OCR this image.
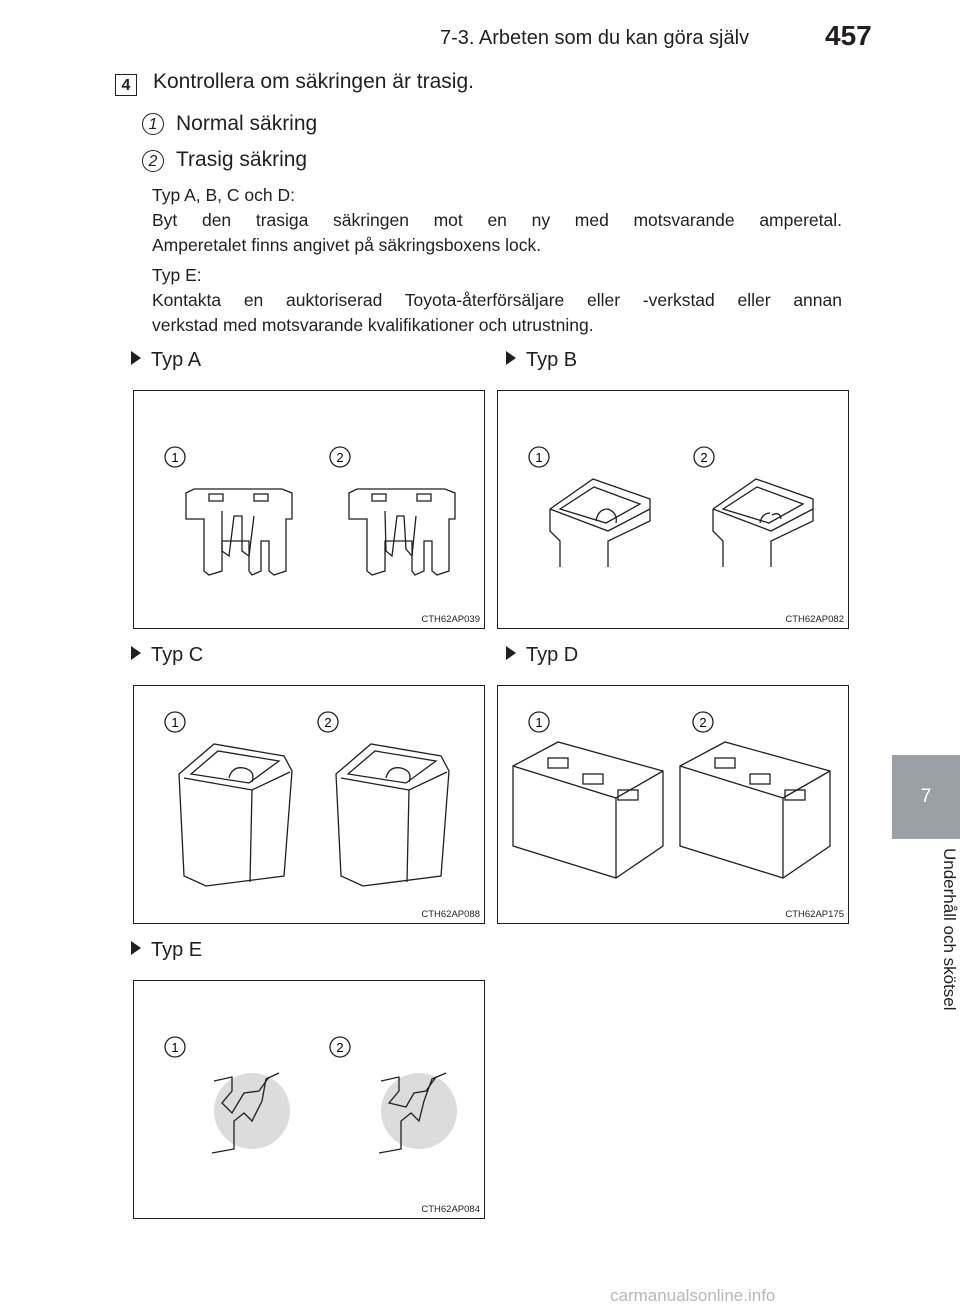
7-3. Arbeten som du kan göra själv	457
7
Underhåll och skötsel
4	Kontrollera om säkringen är trasig.
1 Normal säkring
2 Trasig säkring
Typ A, B, C och D:
Byt den trasiga säkringen mot en ny med motsvarande amperetal.
Amperetalet finns angivet på säkringsboxens lock.
Typ E:
Kontakta en auktoriserad Toyota-återförsäljare eller -verkstad eller annan
verkstad med motsvarande kvalifikationer och utrustning.
Typ A	Typ B
Typ C	Typ D
Typ E
1	2
CTH62AP039
1	2
CTH62AP082
1	2
CTH62AP088
1	2
CTH62AP175
1	2
CTH62AP084
carmanualsonline.info
